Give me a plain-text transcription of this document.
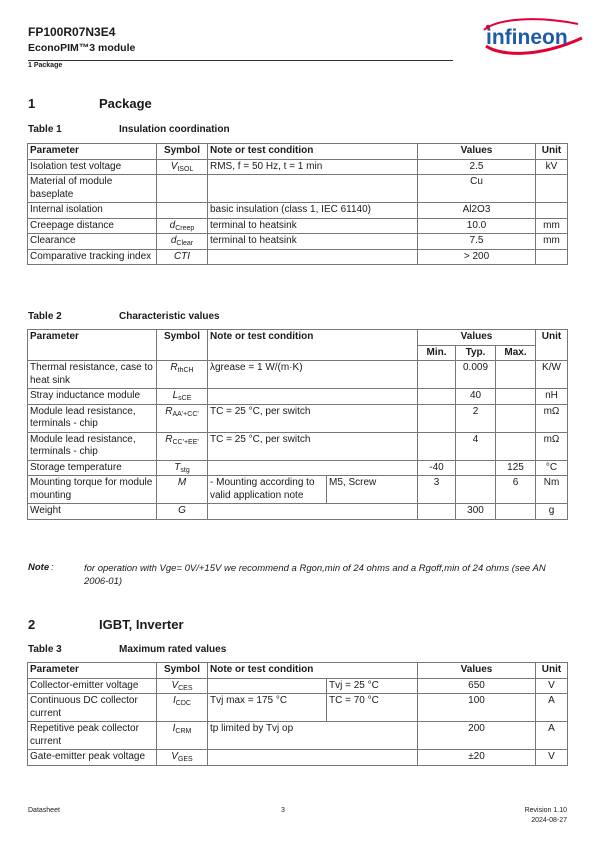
FP100R07N3E4
EconoPIM™3 module
1 Package
infineon
1	Package
Table 1	Insulation coordination
Parameter	Symbol	Note or test condition	Values	Unit
Isolation test voltage	$V_{ISOL}$	RMS, f = 50 Hz, t = 1 min	2.5	kV
Material of module baseplate			Cu	
Internal isolation		basic insulation (class 1, IEC 61140)	Al2O3	
Creepage distance	$d_{Creep}$	terminal to heatsink	10.0	mm
Clearance	$d_{Clear}$	terminal to heatsink	7.5	mm
Comparative tracking index	CTI		> 200	
Table 2	Characteristic values
Parameter	Symbol	Note or test condition		Values			Unit
				Min.	Typ.	Max.	
Thermal resistance, case to heat sink	$R_{thCH}$	λgrease = 1 W/(m·K)			0.009		K/W
Stray inductance module	$L_{sCE}$				40		nH
Module lead resistance, terminals - chip	$R_{AA'+CC'}$	TC = 25 °C, per switch			2		mΩ
Module lead resistance, terminals - chip	$R_{CC'+EE'}$	TC = 25 °C, per switch			4		mΩ
Storage temperature	$T_{stg}$			-40		125	°C
Mounting torque for module mounting	M	- Mounting according to valid application note	M5, Screw	3		6	Nm
Weight	G				300		g
Note :	for operation with Vge= 0V/+15V we recommend a Rgon,min of 24 ohms and a Rgoff,min of 24 ohms (see AN 2006-01)
2	IGBT, Inverter
Table 3	Maximum rated values
Parameter	Symbol	Note or test condition		Values	Unit
Collector-emitter voltage	$V_{CES}$		Tvj = 25 °C	650	V
Continuous DC collector current	$I_{CDC}$	Tvj max = 175 °C	TC = 70 °C	100	A
Repetitive peak collector current	$I_{CRM}$	tp limited by Tvj op		200	A
Gate-emitter peak voltage	$V_{GES}$			±20	V
Datasheet	3	Revision 1.10
2024-08-27
